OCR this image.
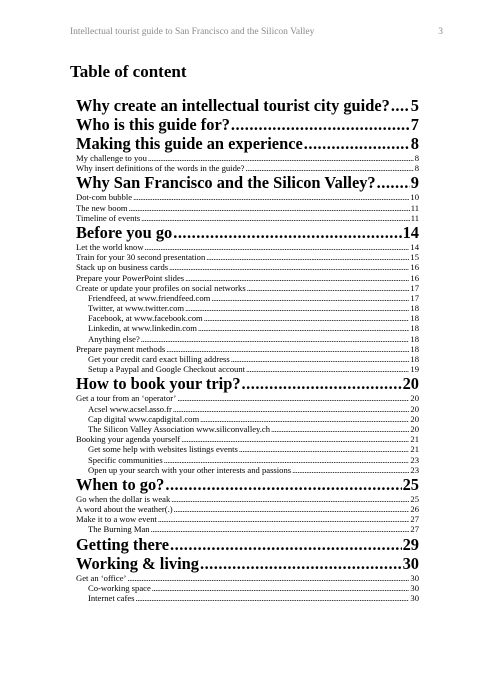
Intellectual tourist guide to San Francisco and the Silicon Valley	3
Table of content
Why create an intellectual tourist city guide? ..... 5
Who is this guide for? .....	7
Making this guide an experience .....	8
My challenge to you .....	8
Why insert definitions of the words in the guide? .....	8
Why San Francisco and the Silicon Valley? ..... 9
Dot-com bubble .....	10
The new boom .....	11
Timeline of events .....	11
Before you go .....	14
Let the world know .....	14
Train for your 30 second presentation .....	15
Stack up on business cards .....	16
Prepare your PowerPoint slides .....	16
Create or update your profiles on social networks .....	17
Friendfeed, at www.friendfeed.com .....	17
Twitter, at www.twitter.com .....	18
Facebook, at www.facebook.com .....	18
Linkedin, at www.linkedin.com .....	18
Anything else? .....	18
Prepare payment methods .....	18
Get your credit card exact billing address .....	18
Setup a Paypal and Google Checkout account .....	19
How to book your trip? .....	20
Get a tour from an ‘operator’ .....	20
Acsel www.acsel.asso.fr .....	20
Cap digital www.capdigital.com .....	20
The Silicon Valley Association www.siliconvalley.ch .....	20
Booking your agenda yourself .....	21
Get some help with websites listings events .....	21
Specific communities .....	23
Open up your search with your other interests and passions .....	23
When to go? .....	25
Go when the dollar is weak .....	25
A word about the weather(.) .....	26
Make it to a wow event .....	27
The Burning Man .....	27
Getting there .....	29
Working & living .....	30
Get an ‘office’ .....	30
Co-working space .....	30
Internet cafes .....	30
